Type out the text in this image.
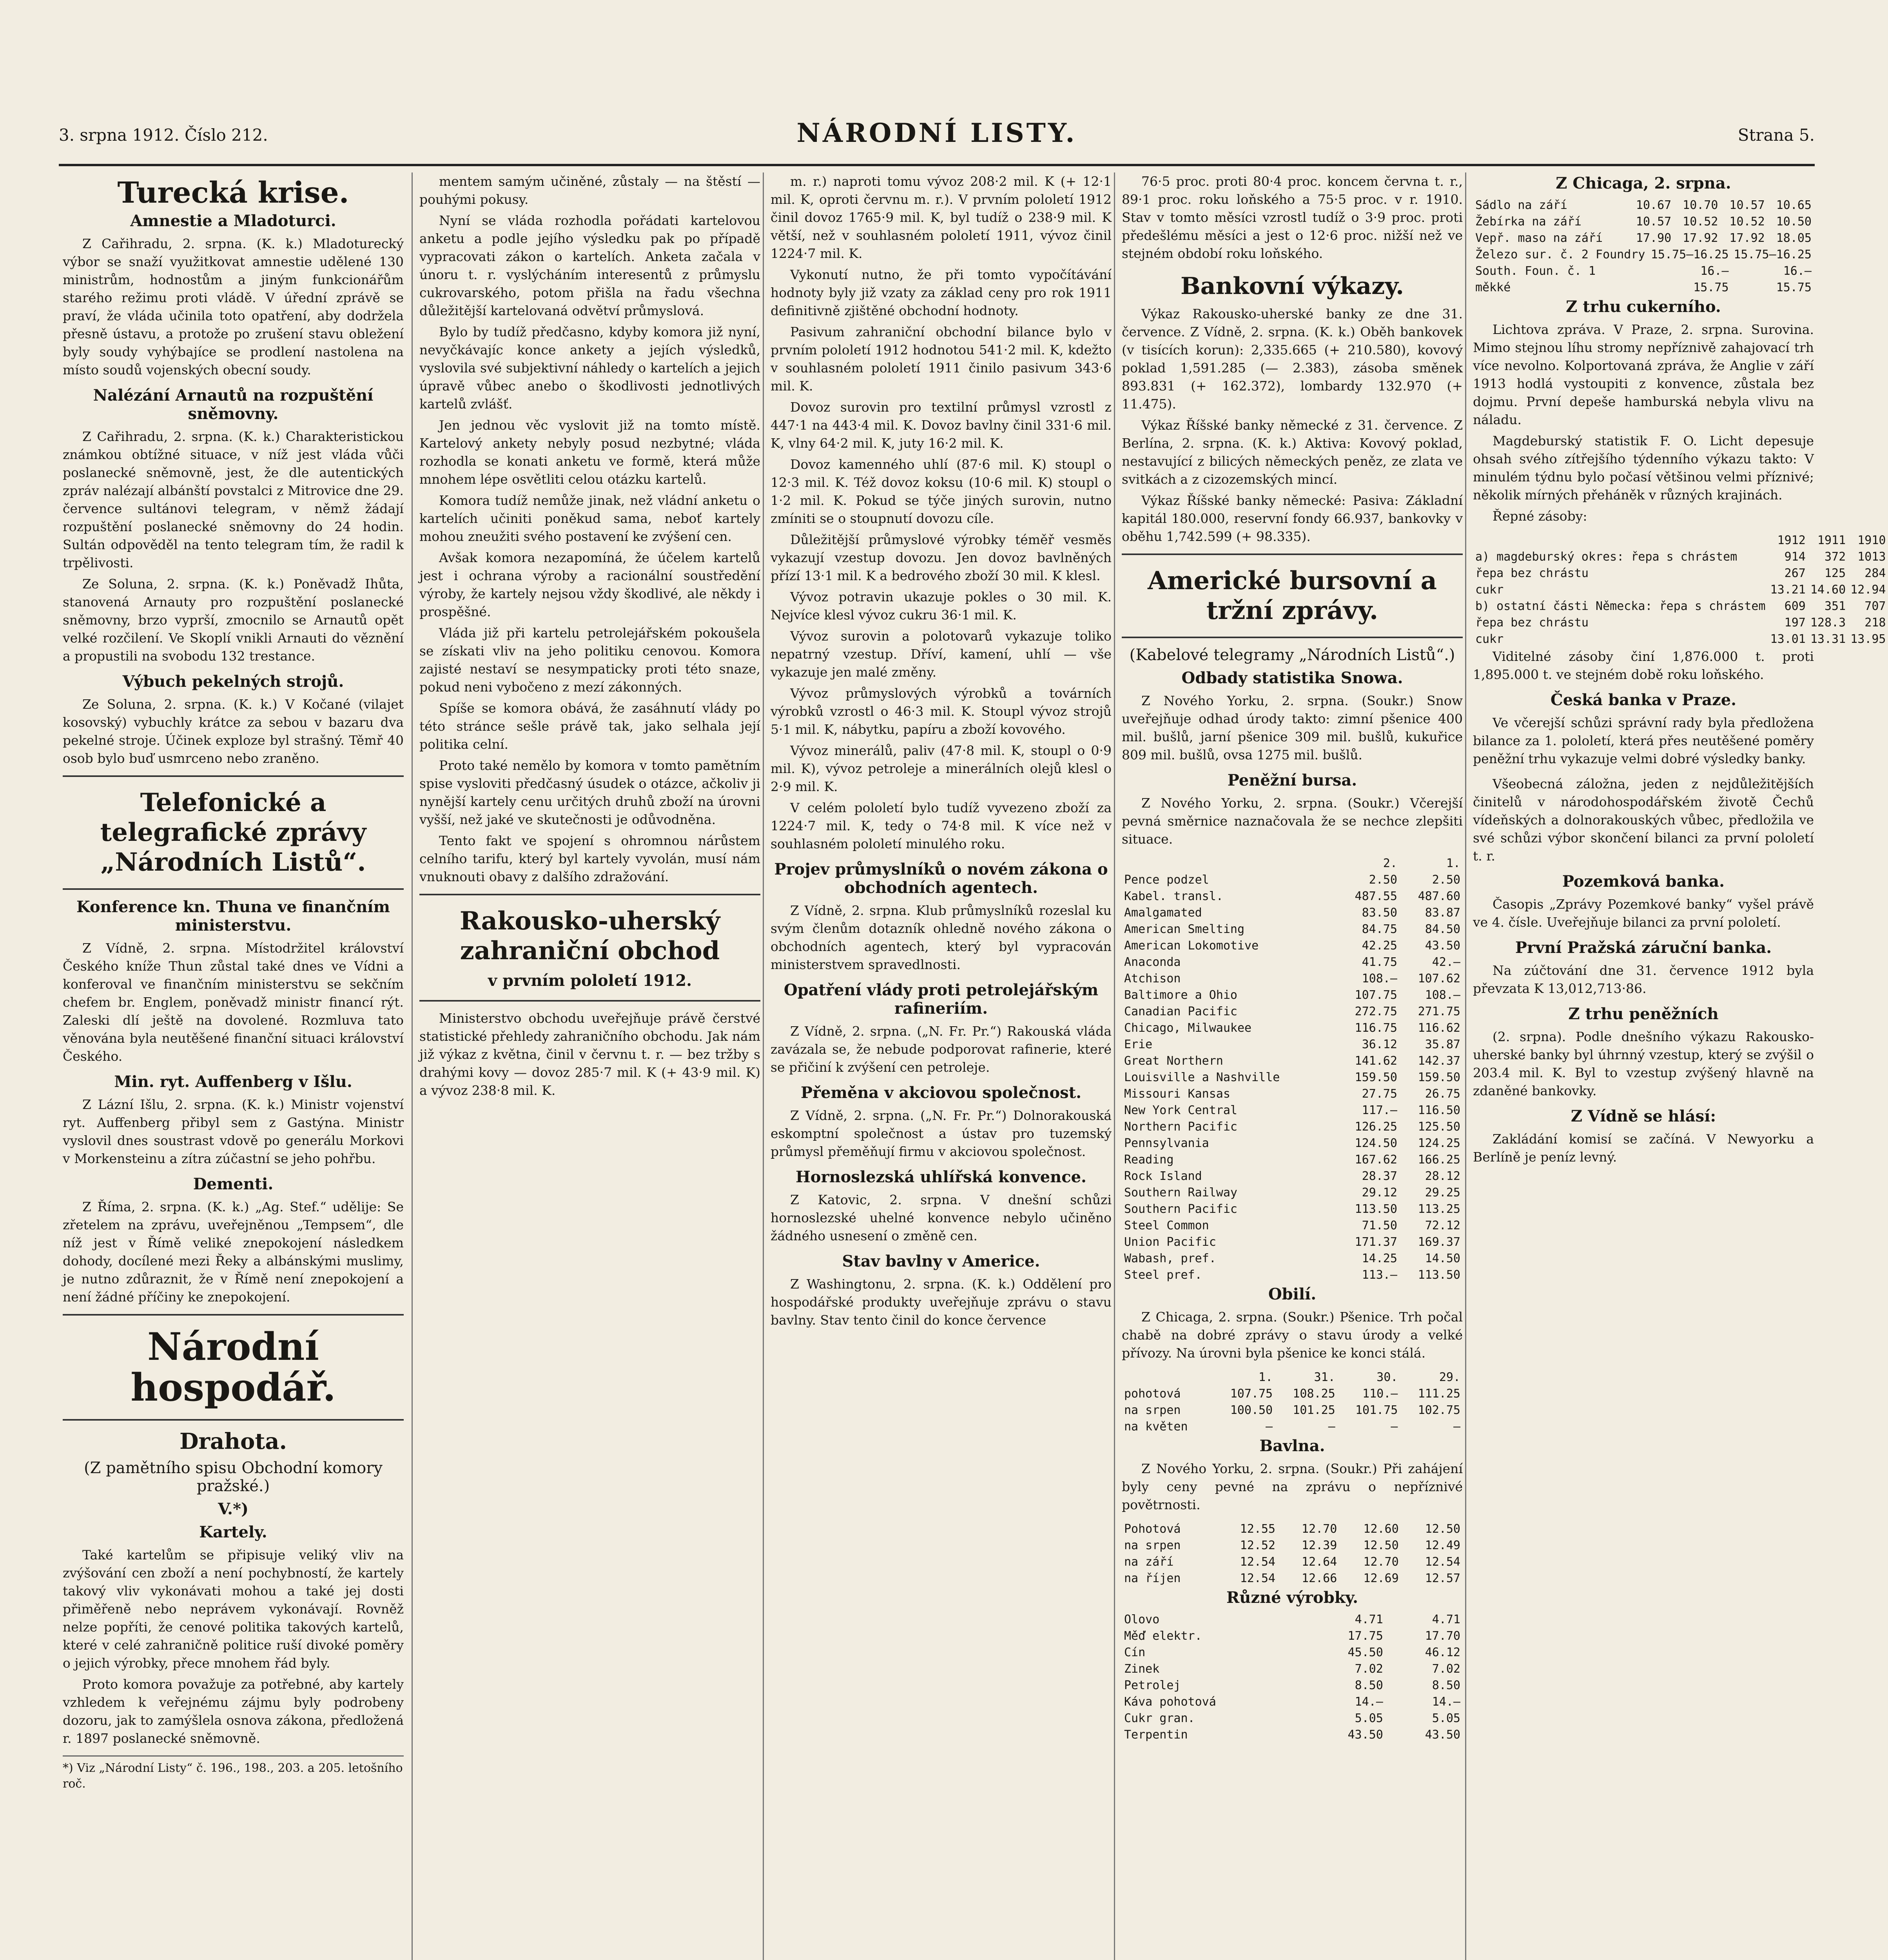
3. srpna 1912. Číslo 212.	NÁRODNÍ LISTY.	Strana 5.
Turecká krise.
Amnestie a Mladoturci.

Z Cařihradu, 2. srpna. (K. k.) Mladoturecký výbor se snaží využitkovat amnestie udělené 130 ministrům, hodnostům a jiným funkcionářům starého režimu proti vládě. V úřední zprávě se praví, že vláda učinila toto opatření, aby dodržela přesně ústavu, a protože po zrušení stavu obležení byly soudy vyhýbajíce se prodlení nastolena na místo soudů vojenských obecní soudy.

Nalézání Arnautů na rozpuštění sněmovny.

Z Cařihradu, 2. srpna. (K. k.) Charakteristickou známkou obtížné situace, v níž jest vláda vůči poslanecké sněmovně, jest, že dle autentických zpráv nalézají albánští povstalci z Mitrovice dne 29. července sultánovi telegram, v němž žádají rozpuštění poslanecké sněmovny do 24 hodin. Sultán odpověděl na tento telegram tím, že radil k trpělivosti.

Ze Soluna, 2. srpna. (K. k.) Poněvadž Ihůta, stanovená Arnauty pro rozpuštění poslanecké sněmovny, brzo vyprší, zmocnilo se Arnautů opět velké rozčilení. Ve Skoplí vnikli Arnauti do věznění a propustili na svobodu 132 trestance.

Výbuch pekelných strojů.

Ze Soluna, 2. srpna. (K. k.) V Kočané (vilajet kosovský) vybuchly krátce za sebou v bazaru dva pekelné stroje. Účinek exploze byl strašný. Těmř 40 osob bylo buď usmrceno nebo zraněno.

Telefonické a telegrafické zprávy „Národních Listů“.
Konference kn. Thuna ve finančním ministerstvu.

Z Vídně, 2. srpna. Místodržitel království Českého kníže Thun zůstal také dnes ve Vídni a konferoval ve finančním ministerstvu se sekčním chefem br. Englem, poněvadž ministr financí rýt. Zaleski dlí ještě na dovolené. Rozmluva tato věnována byla neutěšené finanční situaci království Českého.

Min. ryt. Auffenberg v Išlu.

Z Lázní Išlu, 2. srpna. (K. k.) Ministr vojenství ryt. Auffenberg přibyl sem z Gastýna. Ministr vyslovil dnes soustrast vdově po generálu Morkovi v Morkensteinu a zítra zúčastní se jeho pohřbu.

Dementi.

Z Říma, 2. srpna. (K. k.) „Ag. Stef.“ udělije: Se zřetelem na zprávu, uveřejněnou „Tempsem“, dle níž jest v Římě veliké znepokojení následkem dohody, docílené mezi Řeky a albánskými muslimy, je nutno zdůraznit, že v Římě není znepokojení a není žádné příčiny ke znepokojení.

Národní hospodář.
Drahota.
(Z pamětního spisu Obchodní komory pražské.)
V.*)
Kartely.

Také kartelům se připisuje veliký vliv na zvýšování cen zboží a není pochybností, že kartely takový vliv vykonávati mohou a také jej dosti přiměřeně nebo neprávem vykonávají. Rovněž nelze popříti, že cenové politika takových kartelů, které v celé zahraničně politice ruší divoké poměry o jejich výrobky, přece mnohem řád byly.

Proto komora považuje za potřebné, aby kartely vzhledem k veřejnému zájmu byly podrobeny dozoru, jak to zamýšlela osnova zákona, předložená r. 1897 poslanecké sněmovně.

*) Viz „Národní Listy“ č. 196., 198., 203. a 205. letošního roč.

mentem samým učiněné, zůstaly — na štěstí — pouhými pokusy.

Nyní se vláda rozhodla pořádati kartelovou anketu a podle jejího výsledku pak po případě vypracovati zákon o kartelích. Anketa začala v únoru t. r. vyslýcháním interesentů z průmyslu cukrovarského, potom přišla na řadu všechna důležitější kartelovaná odvětví průmyslová.

Bylo by tudíž předčasno, kdyby komora již nyní, nevyčkávajíc konce ankety a jejích výsledků, vyslovila své subjektivní náhledy o kartelích a jejich úpravě vůbec anebo o škodlivosti jednotlivých kartelů zvlášť.

Jen jednou věc vyslovit již na tomto místě. Kartelový ankety nebyly posud nezbytné; vláda rozhodla se konati anketu ve formě, která může mnohem lépe osvětliti celou otázku kartelů.

Komora tudíž nemůže jinak, než vládní anketu o kartelích učiniti poněkud sama, neboť kartely mohou zneužiti svého postavení ke zvýšení cen.

Avšak komora nezapomíná, že účelem kartelů jest i ochrana výroby a racionální soustředění výroby, že kartely nejsou vždy škodlivé, ale někdy i prospěšné.

Vláda již při kartelu petrolejářském pokoušela se získati vliv na jeho politiku cenovou. Komora zajisté nestaví se nesympaticky proti této snaze, pokud neni vybočeno z mezí zákonných.

Spíše se komora obává, že zasáhnutí vlády po této stránce sešle právě tak, jako selhala její politika celní.

Proto také nemělo by komora v tomto pamětním spise vysloviti předčasný úsudek o otázce, ačkoliv ji nynější kartely cenu určitých druhů zboží na úrovni vyšší, než jaké ve skutečnosti je odůvodněna.

Tento fakt ve spojení s ohromnou nárůstem celního tarifu, který byl kartely vyvolán, musí nám vnuknouti obavy z dalšího zdražování.

Rakousko-uherský zahraniční obchod
v prvním pololetí 1912.

Ministerstvo obchodu uveřejňuje právě čerstvé statistické přehledy zahraničního obchodu. Jak nám již výkaz z května, činil v červnu t. r. — bez tržby s drahými kovy — dovoz 285·7 mil. K (+ 43·9 mil. K) a vývoz 238·8 mil. K.

m. r.) naproti tomu vývoz 208·2 mil. K (+ 12·1 mil. K, oproti červnu m. r.). V prvním pololetí 1912 činil dovoz 1765·9 mil. K, byl tudíž o 238·9 mil. K větší, než v souhlasném pololetí 1911, vývoz činil 1224·7 mil. K.

Vykonutí nutno, že při tomto vypočítávání hodnoty byly již vzaty za základ ceny pro rok 1911 definitivně zjištěné obchodní hodnoty.

Pasivum zahraniční obchodní bilance bylo v prvním pololetí 1912 hodnotou 541·2 mil. K, kdežto v souhlasném pololetí 1911 činilo pasivum 343·6 mil. K.

Dovoz surovin pro textilní průmysl vzrostl z 447·1 na 443·4 mil. K. Dovoz bavlny činil 331·6 mil. K, vlny 64·2 mil. K, juty 16·2 mil. K.

Dovoz kamenného uhlí (87·6 mil. K) stoupl o 12·3 mil. K. Též dovoz koksu (10·6 mil. K) stoupl o 1·2 mil. K. Pokud se týče jiných surovin, nutno zmíniti se o stoupnutí dovozu cíle.

Důležitější průmyslové výrobky téměř vesměs vykazují vzestup dovozu. Jen dovoz bavlněných přízí 13·1 mil. K a bedrového zboží 30 mil. K klesl.

Vývoz potravin ukazuje pokles o 30 mil. K. Nejvíce klesl vývoz cukru 36·1 mil. K.

Vývoz surovin a polotovarů vykazuje toliko nepatrný vzestup. Dříví, kamení, uhlí — vše vykazuje jen malé změny.

Vývoz průmyslových výrobků a továrních výrobků vzrostl o 46·3 mil. K. Stoupl vývoz strojů 5·1 mil. K, nábytku, papíru a zboží kovového.

Vývoz minerálů, paliv (47·8 mil. K, stoupl o 0·9 mil. K), vývoz petroleje a minerálních olejů klesl o 2·9 mil. K.

V celém pololetí bylo tudíž vyvezeno zboží za 1224·7 mil. K, tedy o 74·8 mil. K více než v souhlasném pololetí minulého roku.

Projev průmyslníků o novém zákona o obchodních agentech.

Z Vídně, 2. srpna. Klub průmyslníků rozeslal ku svým členům dotazník ohledně nového zákona o obchodních agentech, který byl vypracován ministerstvem spravedlnosti.

Opatření vlády proti petrolejářským rafineriím.

Z Vídně, 2. srpna. („N. Fr. Pr.“) Rakouská vláda zavázala se, že nebude podporovat rafinerie, které se přičiní k zvýšení cen petroleje.

Přeměna v akciovou společnost.

Z Vídně, 2. srpna. („N. Fr. Pr.“) Dolnorakouská eskomptní společnost a ústav pro tuzemský průmysl přeměňují firmu v akciovou společnost.

Hornoslezská uhlířská konvence.

Z Katovic, 2. srpna. V dnešní schůzi hornoslezské uhelné konvence nebylo učiněno žádného usnesení o změně cen.

Stav bavlny v Americe.

Z Washingtonu, 2. srpna. (K. k.) Oddělení pro hospodářské produkty uveřejňuje zprávu o stavu bavlny. Stav tento činil do konce července

76·5 proc. proti 80·4 proc. koncem června t. r., 89·1 proc. roku loňského a 75·5 proc. v r. 1910. Stav v tomto měsíci vzrostl tudíž o 3·9 proc. proti předešlému měsíci a jest o 12·6 proc. nižší než ve stejném období roku loňského.

Bankovní výkazy.

Výkaz Rakousko-uherské banky ze dne 31. července. Z Vídně, 2. srpna. (K. k.) Oběh bankovek (v tisících korun): 2,335.665 (+ 210.580), kovový poklad 1,591.285 (— 2.383), zásoba směnek 893.831 (+ 162.372), lombardy 132.970 (+ 11.475).

Výkaz Říšské banky německé z 31. července. Z Berlína, 2. srpna. (K. k.) Aktiva: Kovový poklad, nestavující z bilicých německých peněz, ze zlata ve svitkách a z cizozemských mincí.

Výkaz Říšské banky německé: Pasiva: Základní kapitál 180.000, reservní fondy 66.937, bankovky v oběhu 1,742.599 (+ 98.335).

Americké bursovní a tržní zprávy.
(Kabelové telegramy „Národních Listů“.)
Odbady statistika Snowa.

Z Nového Yorku, 2. srpna. (Soukr.) Snow uveřejňuje odhad úrody takto: zimní pšenice 400 mil. bušlů, jarní pšenice 309 mil. bušlů, kukuřice 809 mil. bušlů, ovsa 1275 mil. bušlů.

Peněžní bursa.

Z Nového Yorku, 2. srpna. (Soukr.) Včerejší pevná směrnice naznačovala že se nechce zlepšiti situace.

	2.	1.
Pence podzel	2.50	2.50
Kabel. transl.	487.55	487.60
Amalgamated	83.50	83.87
American Smelting	84.75	84.50
American Lokomotive	42.25	43.50
Anaconda	41.75	42.—
Atchison	108.—	107.62
Baltimore a Ohio	107.75	108.—
Canadian Pacific	272.75	271.75
Chicago, Milwaukee	116.75	116.62
Erie	36.12	35.87
Great Northern	141.62	142.37
Louisville a Nashville	159.50	159.50
Missouri Kansas	27.75	26.75
New York Central	117.—	116.50
Northern Pacific	126.25	125.50
Pennsylvania	124.50	124.25
Reading	167.62	166.25
Rock Island	28.37	28.12
Southern Railway	29.12	29.25
Southern Pacific	113.50	113.25
Steel Common	71.50	72.12
Union Pacific	171.37	169.37
Wabash, pref.	14.25	14.50
Steel pref.	113.—	113.50
Obilí.

Z Chicaga, 2. srpna. (Soukr.) Pšenice. Trh počal chabě na dobré zprávy o stavu úrody a velké přívozy. Na úrovni byla pšenice ke konci stálá.

	1.	31.	30.	29.
pohotová	107.75	108.25	110.—	111.25
na srpen	100.50	101.25	101.75	102.75
na květen	—	—	—	—
Bavlna.

Z Nového Yorku, 2. srpna. (Soukr.) Při zahájení byly ceny pevné na zprávu o nepříznivé povětrnosti.

Pohotová	12.55	12.70	12.60	12.50
na srpen	12.52	12.39	12.50	12.49
na září	12.54	12.64	12.70	12.54
na říjen	12.54	12.66	12.69	12.57
Různé výrobky.
Olovo	4.71	4.71
Měď elektr.	17.75	17.70
Cín	45.50	46.12
Zinek	7.02	7.02
Petrolej	8.50	8.50
Káva pohotová	14.—	14.—
Cukr gran.	5.05	5.05
Terpentin	43.50	43.50
Z Chicaga, 2. srpna.
Sádlo na září	10.67	10.70	10.57	10.65
Žebírka na září	10.57	10.52	10.52	10.50
Vepř. maso na září	17.90	17.92	17.92	18.05
Železo sur. č. 2 Foundry	15.75—16.25	15.75—16.25
South. Foun. č. 1	16.—	16.—
měkké	15.75	15.75
Z trhu cukerního.

Lichtova zpráva. V Praze, 2. srpna. Surovina. Mimo stejnou líhu stromy nepříznivě zahajovací trh více nevolno. Kolportovaná zpráva, že Anglie v září 1913 hodlá vystoupiti z konvence, zůstala bez dojmu. První depeše hamburská nebyla vlivu na náladu.

Magdeburský statistik F. O. Licht depesuje ohsah svého zítřejšího týdenního výkazu takto: V minulém týdnu bylo počasí většinou velmi příznivé; několik mírných přeháněk v různých krajinách.

Řepné zásoby:

	1912	1911	1910
a) magdeburský okres: řepa s chrástem	914	372	1013
řepa bez chrástu	267	125	284
cukr	13.21	14.60	12.94
b) ostatní části Německa: řepa s chrástem	609	351	707
řepa bez chrástu	197	128.3	218
cukr	13.01	13.31	13.95

Viditelné zásoby činí 1,876.000 t. proti 1,895.000 t. ve stejném době roku loňského.

Česká banka v Praze.

Ve včerejší schůzi správní rady byla předložena bilance za 1. pololetí, která přes neutěšené poměry peněžní trhu vykazuje velmi dobré výsledky banky.

Všeobecná záložna, jeden z nejdůležitějších činitelů v národohospodářském životě Čechů vídeňských a dolnorakouských vůbec, předložila ve své schůzi výbor skončení bilanci za první pololetí t. r.

Pozemková banka.

Časopis „Zprávy Pozemkové banky“ vyšel právě ve 4. čísle. Uveřejňuje bilanci za první pololetí.

První Pražská záruční banka.

Na zúčtování dne 31. července 1912 byla převzata K 13,012,713·86.

Z trhu peněžních

(2. srpna). Podle dnešního výkazu Rakousko-uherské banky byl úhrnný vzestup, který se zvýšil o 203.4 mil. K. Byl to vzestup zvýšený hlavně na zdaněné bankovky.

Z Vídně se hlásí:

Zakládání komisí se začíná. V Newyorku a Berlíně je peníz levný.
